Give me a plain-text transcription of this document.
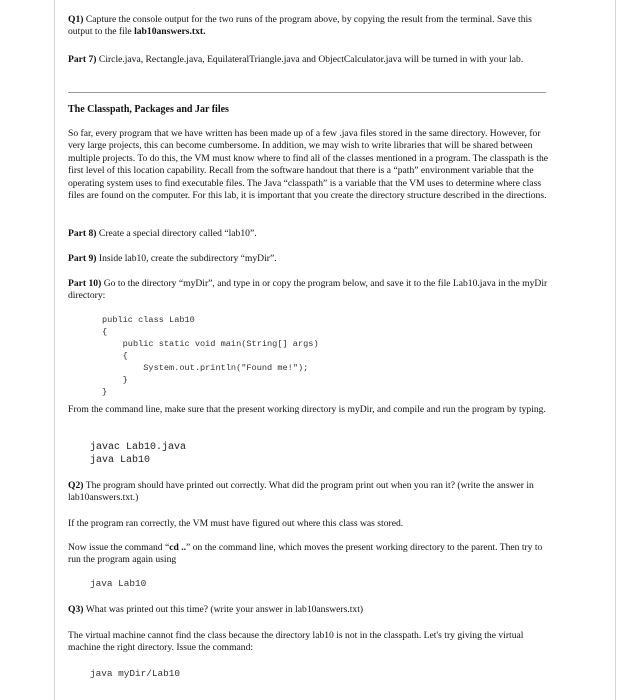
Q1) Capture the console output for the two runs of the program above, by copying the result from the terminal. Save this output to the file lab10answers.txt.

Part 7) Circle.java, Rectangle.java, EquilateralTriangle.java and ObjectCalculator.java will be turned in with your lab.

The Classpath, Packages and Jar files

So far, every program that we have written has been made up of a few .java files stored in the same directory. However, for very large projects, this can become cumbersome. In addition, we may wish to write libraries that will be shared between multiple projects. To do this, the VM must know where to find all of the classes mentioned in a program. The classpath is the first level of this location capability. Recall from the software handout that there is a “path” environment variable that the operating system uses to find executable files. The Java “classpath” is a variable that the VM uses to determine where class files are found on the computer. For this lab, it is important that you create the directory structure described in the directions.

Part 8) Create a special directory called “lab10”.

Part 9) Inside lab10, create the subdirectory “myDir”.

Part 10) Go to the directory “myDir”, and type in or copy the program below, and save it to the file Lab10.java in the myDir directory:

public class Lab10
{
public static void main(String[] args)
{
System.out.println("Found me!");
}
}

From the command line, make sure that the present working directory is myDir, and compile and run the program by typing.

javac Lab10.java
java Lab10

Q2) The program should have printed out correctly. What did the program print out when you ran it? (write the answer in lab10answers.txt.)

If the program ran correctly, the VM must have figured out where this class was stored.

Now issue the command “cd ..” on the command line, which moves the present working directory to the parent. Then try to run the program again using

java Lab10

Q3) What was printed out this time? (write your answer in lab10answers.txt)

The virtual machine cannot find the class because the directory lab10 is not in the classpath. Let's try giving the virtual machine the right directory. Issue the command:

java myDir/Lab10
